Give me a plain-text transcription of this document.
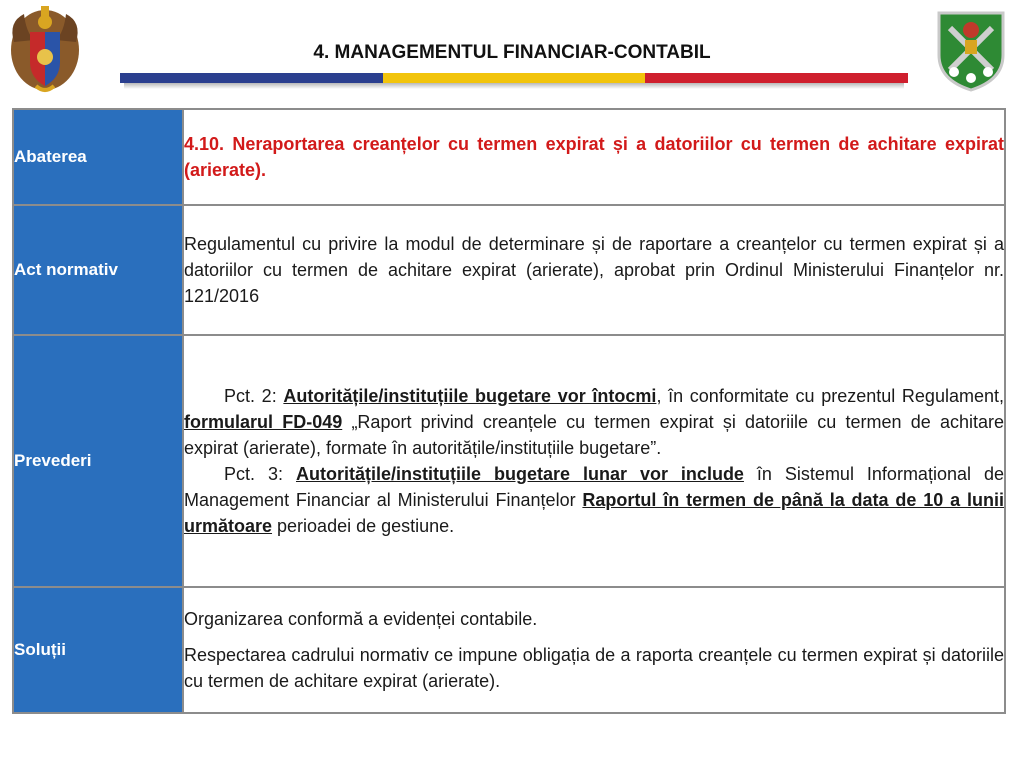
4. MANAGEMENTUL FINANCIAR-CONTABIL
Abaterea	4.10. Neraportarea creanțelor cu termen expirat și a datoriilor cu termen de achitare expirat (arierate).

Act normativ	Regulamentul cu privire la modul de determinare și de raportare a creanțelor cu termen expirat și a datoriilor cu termen de achitare expirat (arierate), aprobat prin Ordinul Ministerului Finanțelor nr. 121/2016

Prevederi	Pct. 2: Autoritățile/instituțiile bugetare vor întocmi, în conformitate cu prezentul Regulament, formularul FD-049 „Raport privind creanțele cu termen expirat și datoriile cu termen de achitare expirat (arierate), formate în autoritățile/instituțiile bugetare”.

Pct. 3: Autoritățile/instituțiile bugetare lunar vor include în Sistemul Informațional de Management Financiar al Ministerului Finanțelor Raportul în termen de până la data de 10 a lunii următoare perioadei de gestiune.

Soluții	Organizarea conformă a evidenței contabile.

Respectarea cadrului normativ ce impune obligația de a raporta creanțele cu termen expirat și datoriile cu termen de achitare expirat (arierate).
